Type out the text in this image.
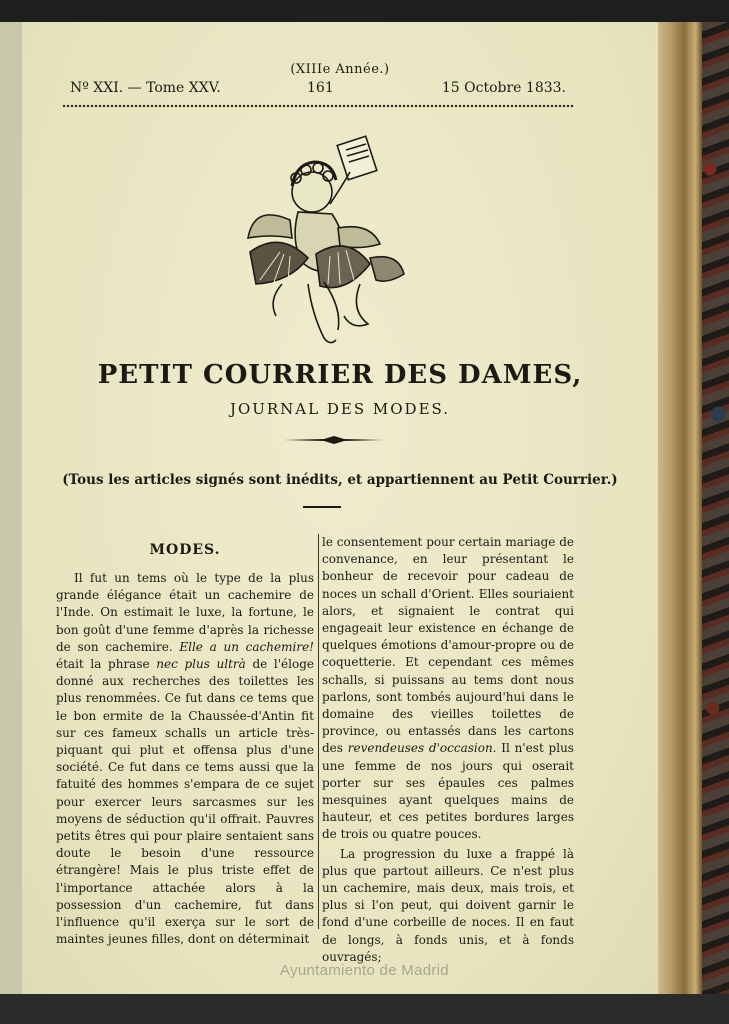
(XIIIe Année.)
Nº XXI. — Tome XXV.	161	15 Octobre 1833.
PETIT COURRIER DES DAMES,
JOURNAL DES MODES.
(Tous les articles signés sont inédits, et appartiennent au Petit Courrier.)
MODES.

Il fut un tems où le type de la plus grande élégance était un cachemire de l'Inde. On estimait le luxe, la fortune, le bon goût d'une femme d'après la richesse de son cachemire. Elle a un cachemire! était la phrase nec plus ultrà de l'éloge donné aux recherches des toilettes les plus renommées. Ce fut dans ce tems que le bon ermite de la Chaussée-d'Antin fit sur ces fameux schalls un article très-piquant qui plut et offensa plus d'une société. Ce fut dans ce tems aussi que la fatuité des hommes s'empara de ce sujet pour exercer leurs sarcasmes sur les moyens de séduction qu'il offrait. Pauvres petits êtres qui pour plaire sentaient sans doute le besoin d'une ressource étrangère! Mais le plus triste effet de l'importance attachée alors à la possession d'un cachemire, fut dans l'influence qu'il exerça sur le sort de maintes jeunes filles, dont on déterminait

le consentement pour certain mariage de convenance, en leur présentant le bonheur de recevoir pour cadeau de noces un schall d'Orient. Elles souriaient alors, et signaient le contrat qui engageait leur existence en échange de quelques émotions d'amour-propre ou de coquetterie. Et cependant ces mêmes schalls, si puissans au tems dont nous parlons, sont tombés aujourd'hui dans le domaine des vieilles toilettes de province, ou entassés dans les cartons des revendeuses d'occasion. Il n'est plus une femme de nos jours qui oserait porter sur ses épaules ces palmes mesquines ayant quelques mains de hauteur, et ces petites bordures larges de trois ou quatre pouces.

La progression du luxe a frappé là plus que partout ailleurs. Ce n'est plus un cachemire, mais deux, mais trois, et plus si l'on peut, qui doivent garnir le fond d'une corbeille de noces. Il en faut de longs, à fonds unis, et à fonds ouvragés;

Ayuntamiento de Madrid
